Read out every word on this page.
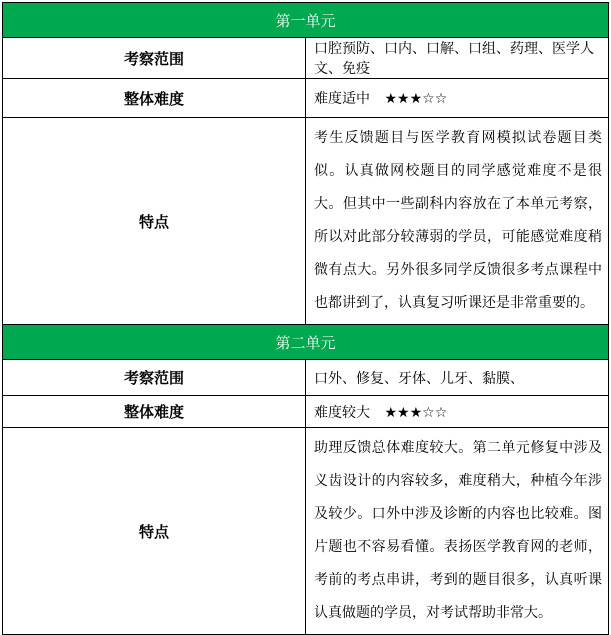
第一单元	
考察范围	口腔预防、口内、口解、口组、药理、医学人文、免疫
整体难度	难度适中 ★★★☆☆
特点	考生反馈题目与医学教育网模拟试卷题目类似。认真做网校题目的同学感觉难度不是很大。但其中一些副科内容放在了本单元考察，所以对此部分较薄弱的学员，可能感觉难度稍微有点大。另外很多同学反馈很多考点课程中也都讲到了，认真复习听课还是非常重要的。
第二单元	
考察范围	口外、修复、牙体、儿牙、黏膜、
整体难度	难度较大 ★★★☆☆
特点	助理反馈总体难度较大。第二单元修复中涉及义齿设计的内容较多，难度稍大，种植今年涉及较少。口外中涉及诊断的内容也比较难。图片题也不容易看懂。表扬医学教育网的老师，考前的考点串讲，考到的题目很多，认真听课认真做题的学员，对考试帮助非常大。
